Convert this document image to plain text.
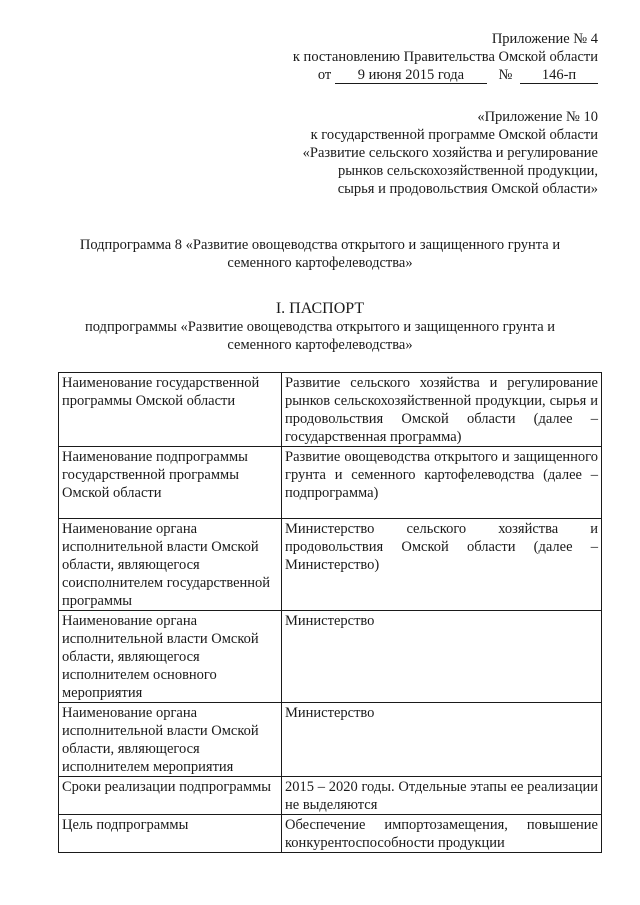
Приложение № 4
к постановлению Правительства Омской области
от 9 июня 2015 года № 146-п
«Приложение № 10
к государственной программе Омской области
«Развитие сельского хозяйства и регулирование
рынков сельскохозяйственной продукции,
сырья и продовольствия Омской области»
Подпрограмма 8 «Развитие овощеводства открытого и защищенного грунта и
семенного картофелеводства»
I. ПАСПОРТ
подпрограммы «Развитие овощеводства открытого и защищенного грунта и
семенного картофелеводства»
Наименование государственной программы Омской области	Развитие сельского хозяйства и регулирование рынков сельскохозяйственной продукции, сырья и продовольствия Омской области (далее – государственная программа)
Наименование подпрограммы государственной программы Омской области	Развитие овощеводства открытого и защищенного грунта и семенного картофелеводства (далее – подпрограмма)
Наименование органа исполнительной власти Омской области, являющегося соисполнителем государственной программы	Министерство сельского хозяйства и продовольствия Омской области (далее – Министерство)
Наименование органа исполнительной власти Омской области, являющегося исполнителем основного мероприятия	Министерство
Наименование органа исполнительной власти Омской области, являющегося исполнителем мероприятия	Министерство
Сроки реализации подпрограммы	2015 – 2020 годы. Отдельные этапы ее реализации не выделяются
Цель подпрограммы	Обеспечение импортозамещения, повышение конкурентоспособности продукции
